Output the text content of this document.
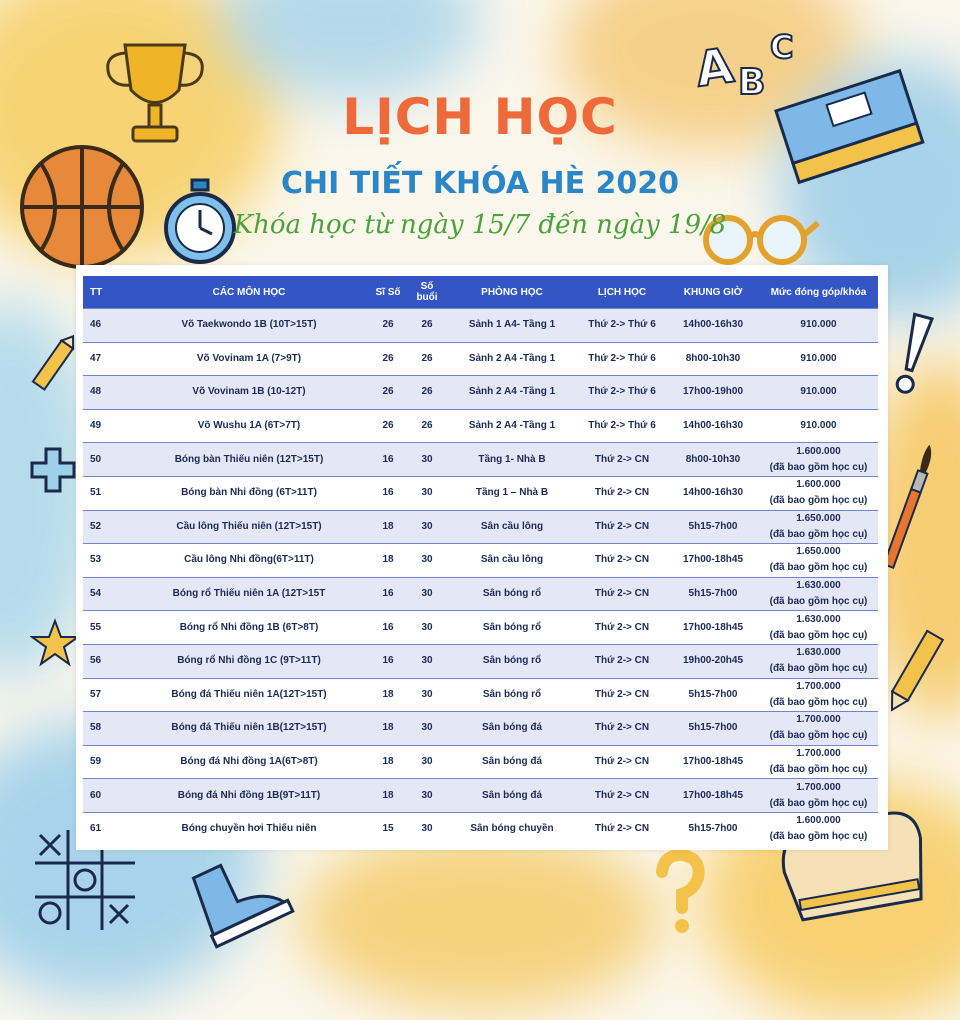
A B
C
LỊCH HỌC
CHI TIẾT KHÓA HÈ 2020
Khóa học từ ngày 15/7 đến ngày 19/8
TT	CÁC MÔN HỌC	Sĩ Số	Số buổi	PHÒNG HỌC	LỊCH HỌC	KHUNG GIỜ	Mức đóng góp/khóa
46	Võ Taekwondo 1B (10T>15T)	26	26	Sảnh 1 A4- Tầng 1	Thứ 2-> Thứ 6	14h00-16h30	910.000

47	Võ Vovinam 1A (7>9T)	26	26	Sảnh 2 A4 -Tầng 1	Thứ 2-> Thứ 6	8h00-10h30	910.000

48	Võ Vovinam 1B (10-12T)	26	26	Sảnh 2 A4 -Tầng 1	Thứ 2-> Thứ 6	17h00-19h00	910.000

49	Võ Wushu 1A (6T>7T)	26	26	Sảnh 2 A4 -Tầng 1	Thứ 2-> Thứ 6	14h00-16h30	910.000

50	Bóng bàn Thiếu niên (12T>15T)	16	30	Tầng 1- Nhà B	Thứ 2-> CN	8h00-10h30	1.600.000
(đã bao gồm học cụ)

51	Bóng bàn Nhi đồng (6T>11T)	16	30	Tầng 1 – Nhà B	Thứ 2-> CN	14h00-16h30	1.600.000
(đã bao gồm học cụ)

52	Cầu lông Thiếu niên (12T>15T)	18	30	Sân cầu lông	Thứ 2-> CN	5h15-7h00	1.650.000
(đã bao gồm học cụ)

53	Cầu lông Nhi đồng(6T>11T)	18	30	Sân cầu lông	Thứ 2-> CN	17h00-18h45	1.650.000
(đã bao gồm học cụ)

54	Bóng rổ Thiếu niên 1A (12T>15T	16	30	Sân bóng rổ	Thứ 2-> CN	5h15-7h00	1.630.000
(đã bao gồm học cụ)

55	Bóng rổ Nhi đồng 1B (6T>8T)	16	30	Sân bóng rổ	Thứ 2-> CN	17h00-18h45	1.630.000
(đã bao gồm học cụ)

56	Bóng rổ Nhi đồng 1C (9T>11T)	16	30	Sân bóng rổ	Thứ 2-> CN	19h00-20h45	1.630.000
(đã bao gồm học cụ)

57	Bóng đá Thiếu niên 1A(12T>15T)	18	30	Sân bóng rổ	Thứ 2-> CN	5h15-7h00	1.700.000
(đã bao gồm học cụ)

58	Bóng đá Thiếu niên 1B(12T>15T)	18	30	Sân bóng đá	Thứ 2-> CN	5h15-7h00	1.700.000
(đã bao gồm học cụ)

59	Bóng đá Nhi đồng 1A(6T>8T)	18	30	Sân bóng đá	Thứ 2-> CN	17h00-18h45	1.700.000
(đã bao gồm học cụ)

60	Bóng đá Nhi đồng 1B(9T>11T)	18	30	Sân bóng đá	Thứ 2-> CN	17h00-18h45	1.700.000
(đã bao gồm học cụ)

61	Bóng chuyền hơi Thiếu niên	15	30	Sân bóng chuyền	Thứ 2-> CN	5h15-7h00	1.600.000
(đã bao gồm học cụ)
